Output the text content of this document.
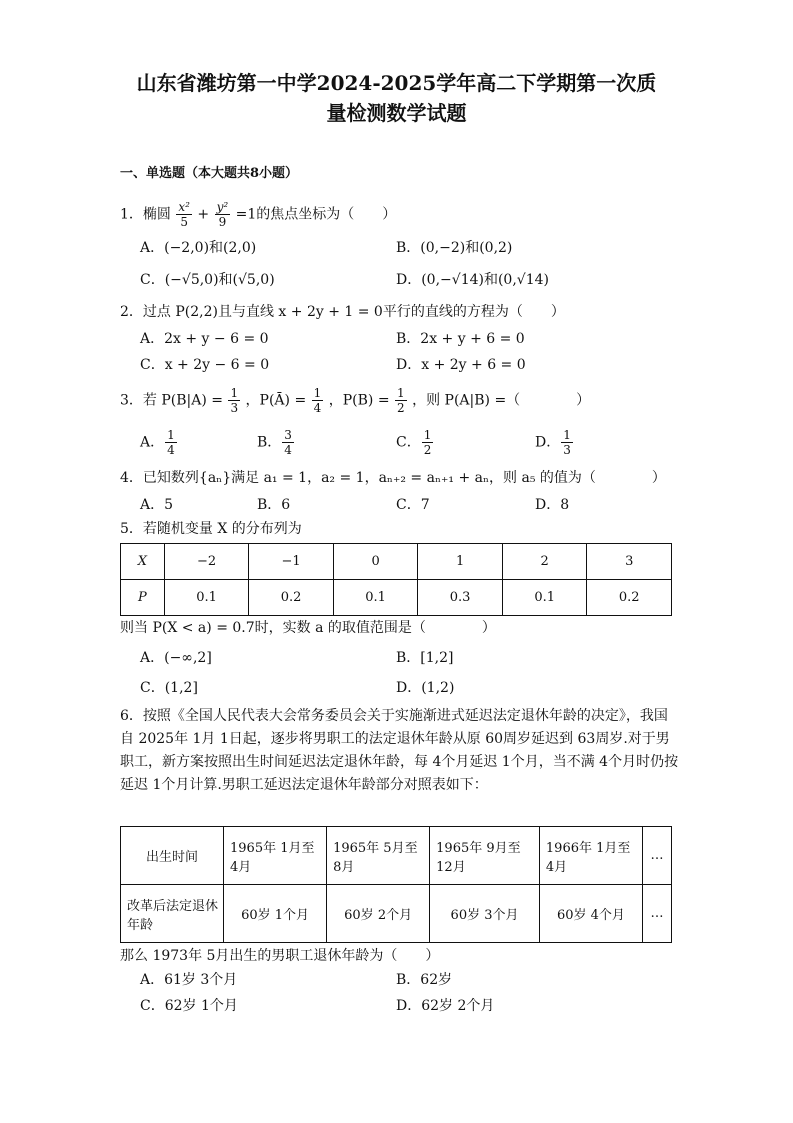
山东省潍坊第一中学2024-2025学年高二下学期第一次质
量检测数学试题
一、单选题（本大题共8小题）
1．椭圆 $\frac{\text{x²}}{5} + \frac{\text{y²}}{9} =1$的焦点坐标为（　　）
A．(−2,0)和(2,0)	B．(0,−2)和(0,2)
C．(−√5,0)和(√5,0)	D．(0,−√14)和(0,√14)
2．过点 P(2,2)且与直线 x + 2y + 1 = 0平行的直线的方程为（　　）
A．2x + y − 6 = 0	B．2x + y + 6 = 0
C．x + 2y − 6 = 0	D．x + 2y + 6 = 0
3．若 $P(B|A) = \frac{1}{3}$ ，P(Ā) = $\frac{1}{4}$ ，$P(B) = \frac{1}{2}$ ，则 P(A|B) =（　　　　）
A． $\frac{1}{4}$	B． $\frac{3}{4}$	C． $\frac{1}{2}$	D． $\frac{1}{3}$
4．已知数列{aₙ}满足 a₁ = 1，a₂ = 1，aₙ₊₂ = aₙ₊₁ + aₙ，则 a₅ 的值为（　　　　）
A．5	B．6	C．7	D．8
5．若随机变量 X 的分布列为
X	−2	−1	0	1	2	3
P	0.1	0.2	0.1	0.3	0.1	0.2
则当 P(X < a) = 0.7时，实数 a 的取值范围是（　　　　）
A．(−∞,2]	B．[1,2]
C．(1,2]	D．(1,2)
6．按照《全国人民代表大会常务委员会关于实施渐进式延迟法定退休年龄的决定》，我国自 2025年 1月 1日起，逐步将男职工的法定退休年龄从原 60周岁延迟到 63周岁.对于男职工，新方案按照出生时间延迟法定退休年龄，每 4个月延迟 1个月，当不满 4个月时仍按延迟 1个月计算.男职工延迟法定退休年龄部分对照表如下：
出生时间	1965年 1月至 4月	1965年 5月至 8月	1965年 9月至 12月	1966年 1月至 4月	…
改革后法定退休年龄	60岁 1个月	60岁 2个月	60岁 3个月	60岁 4个月	…
那么 1973年 5月出生的男职工退休年龄为（　　）
A．61岁 3个月	B．62岁
C．62岁 1个月	D．62岁 2个月
